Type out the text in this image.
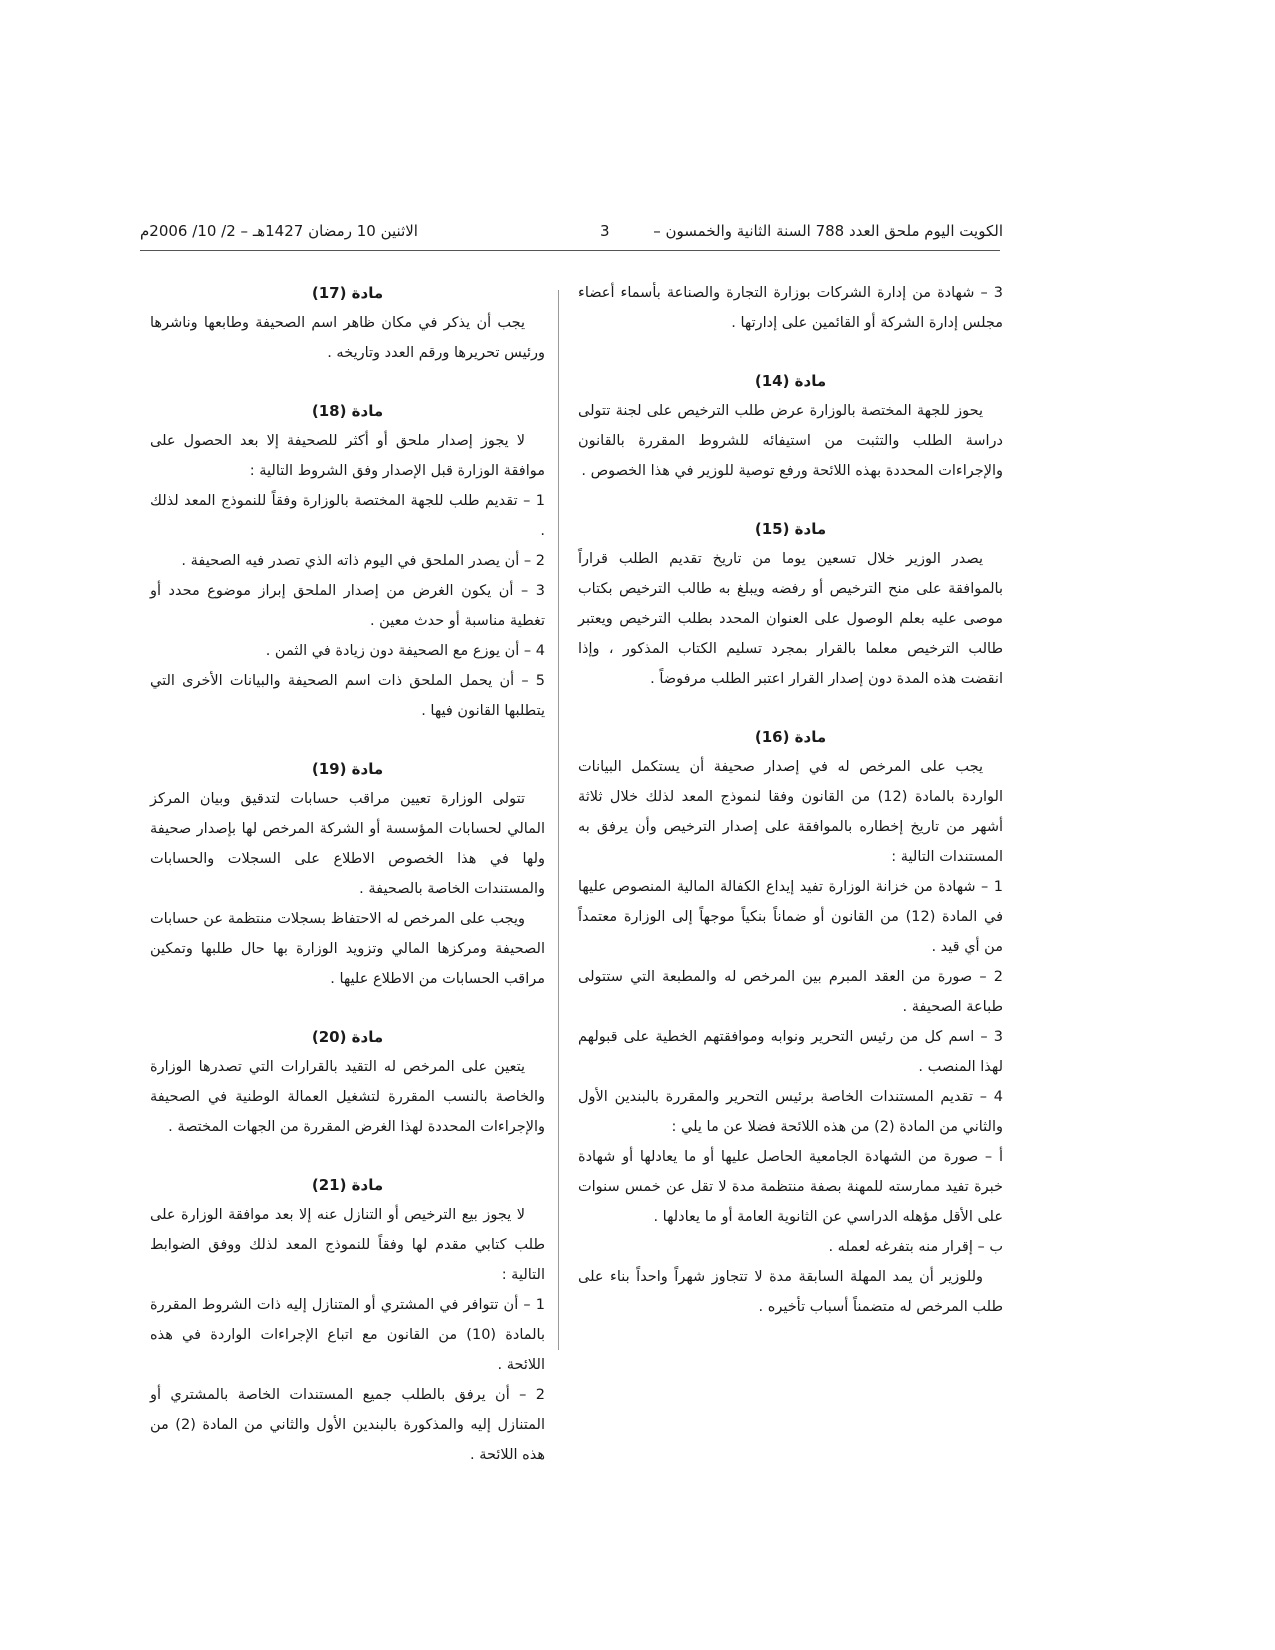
الكويت اليوم ملحق العدد 788 السنة الثانية والخمسون –
3
الاثنين 10 رمضان 1427هـ – 2/ 10/ 2006م

3 – شهادة من إدارة الشركات بوزارة التجارة والصناعة بأسماء أعضاء مجلس إدارة الشركة أو القائمين على إدارتها .

مادة (14)

يحوز للجهة المختصة بالوزارة عرض طلب الترخيص على لجنة تتولى دراسة الطلب والتثبت من استيفائه للشروط المقررة بالقانون والإجراءات المحددة بهذه اللائحة ورفع توصية للوزير في هذا الخصوص .

مادة (15)

يصدر الوزير خلال تسعين يوما من تاريخ تقديم الطلب قراراً بالموافقة على منح الترخيص أو رفضه ويبلغ به طالب الترخيص بكتاب موصى عليه بعلم الوصول على العنوان المحدد بطلب الترخيص ويعتبر طالب الترخيص معلما بالقرار بمجرد تسليم الكتاب المذكور ، وإذا انقضت هذه المدة دون إصدار القرار اعتبر الطلب مرفوضاً .

مادة (16)

يجب على المرخص له في إصدار صحيفة أن يستكمل البيانات الواردة بالمادة (12) من القانون وفقا لنموذج المعد لذلك خلال ثلاثة أشهر من تاريخ إخطاره بالموافقة على إصدار الترخيص وأن يرفق به المستندات التالية :

1 – شهادة من خزانة الوزارة تفيد إيداع الكفالة المالية المنصوص عليها في المادة (12) من القانون أو ضماناً بنكياً موجهاً إلى الوزارة معتمداً من أي قيد .

2 – صورة من العقد المبرم بين المرخص له والمطبعة التي ستتولى طباعة الصحيفة .

3 – اسم كل من رئيس التحرير ونوابه وموافقتهم الخطية على قبولهم لهذا المنصب .

4 – تقديم المستندات الخاصة برئيس التحرير والمقررة بالبندين الأول والثاني من المادة (2) من هذه اللائحة فضلا عن ما يلي :

أ – صورة من الشهادة الجامعية الحاصل عليها أو ما يعادلها أو شهادة خبرة تفيد ممارسته للمهنة بصفة منتظمة مدة لا تقل عن خمس سنوات على الأقل مؤهله الدراسي عن الثانوية العامة أو ما يعادلها .

ب – إقرار منه بتفرغه لعمله .

وللوزير أن يمد المهلة السابقة مدة لا تتجاوز شهراً واحداً بناء على طلب المرخص له متضمناً أسباب تأخيره .

مادة (17)

يجب أن يذكر في مكان ظاهر اسم الصحيفة وطابعها وناشرها ورئيس تحريرها ورقم العدد وتاريخه .

مادة (18)

لا يجوز إصدار ملحق أو أكثر للصحيفة إلا بعد الحصول على موافقة الوزارة قبل الإصدار وفق الشروط التالية :

1 – تقديم طلب للجهة المختصة بالوزارة وفقاً للنموذج المعد لذلك .

2 – أن يصدر الملحق في اليوم ذاته الذي تصدر فيه الصحيفة .

3 – أن يكون الغرض من إصدار الملحق إبراز موضوع محدد أو تغطية مناسبة أو حدث معين .

4 – أن يوزع مع الصحيفة دون زيادة في الثمن .

5 – أن يحمل الملحق ذات اسم الصحيفة والبيانات الأخرى التي يتطلبها القانون فيها .

مادة (19)

تتولى الوزارة تعيين مراقب حسابات لتدقيق وبيان المركز المالي لحسابات المؤسسة أو الشركة المرخص لها بإصدار صحيفة ولها في هذا الخصوص الاطلاع على السجلات والحسابات والمستندات الخاصة بالصحيفة .

ويجب على المرخص له الاحتفاظ بسجلات منتظمة عن حسابات الصحيفة ومركزها المالي وتزويد الوزارة بها حال طلبها وتمكين مراقب الحسابات من الاطلاع عليها .

مادة (20)

يتعين على المرخص له التقيد بالقرارات التي تصدرها الوزارة والخاصة بالنسب المقررة لتشغيل العمالة الوطنية في الصحيفة والإجراءات المحددة لهذا الغرض المقررة من الجهات المختصة .

مادة (21)

لا يجوز بيع الترخيص أو التنازل عنه إلا بعد موافقة الوزارة على طلب كتابي مقدم لها وفقاً للنموذج المعد لذلك ووفق الضوابط التالية :

1 – أن تتوافر في المشتري أو المتنازل إليه ذات الشروط المقررة بالمادة (10) من القانون مع اتباع الإجراءات الواردة في هذه اللائحة .

2 – أن يرفق بالطلب جميع المستندات الخاصة بالمشتري أو المتنازل إليه والمذكورة بالبندين الأول والثاني من المادة (2) من هذه اللائحة .
